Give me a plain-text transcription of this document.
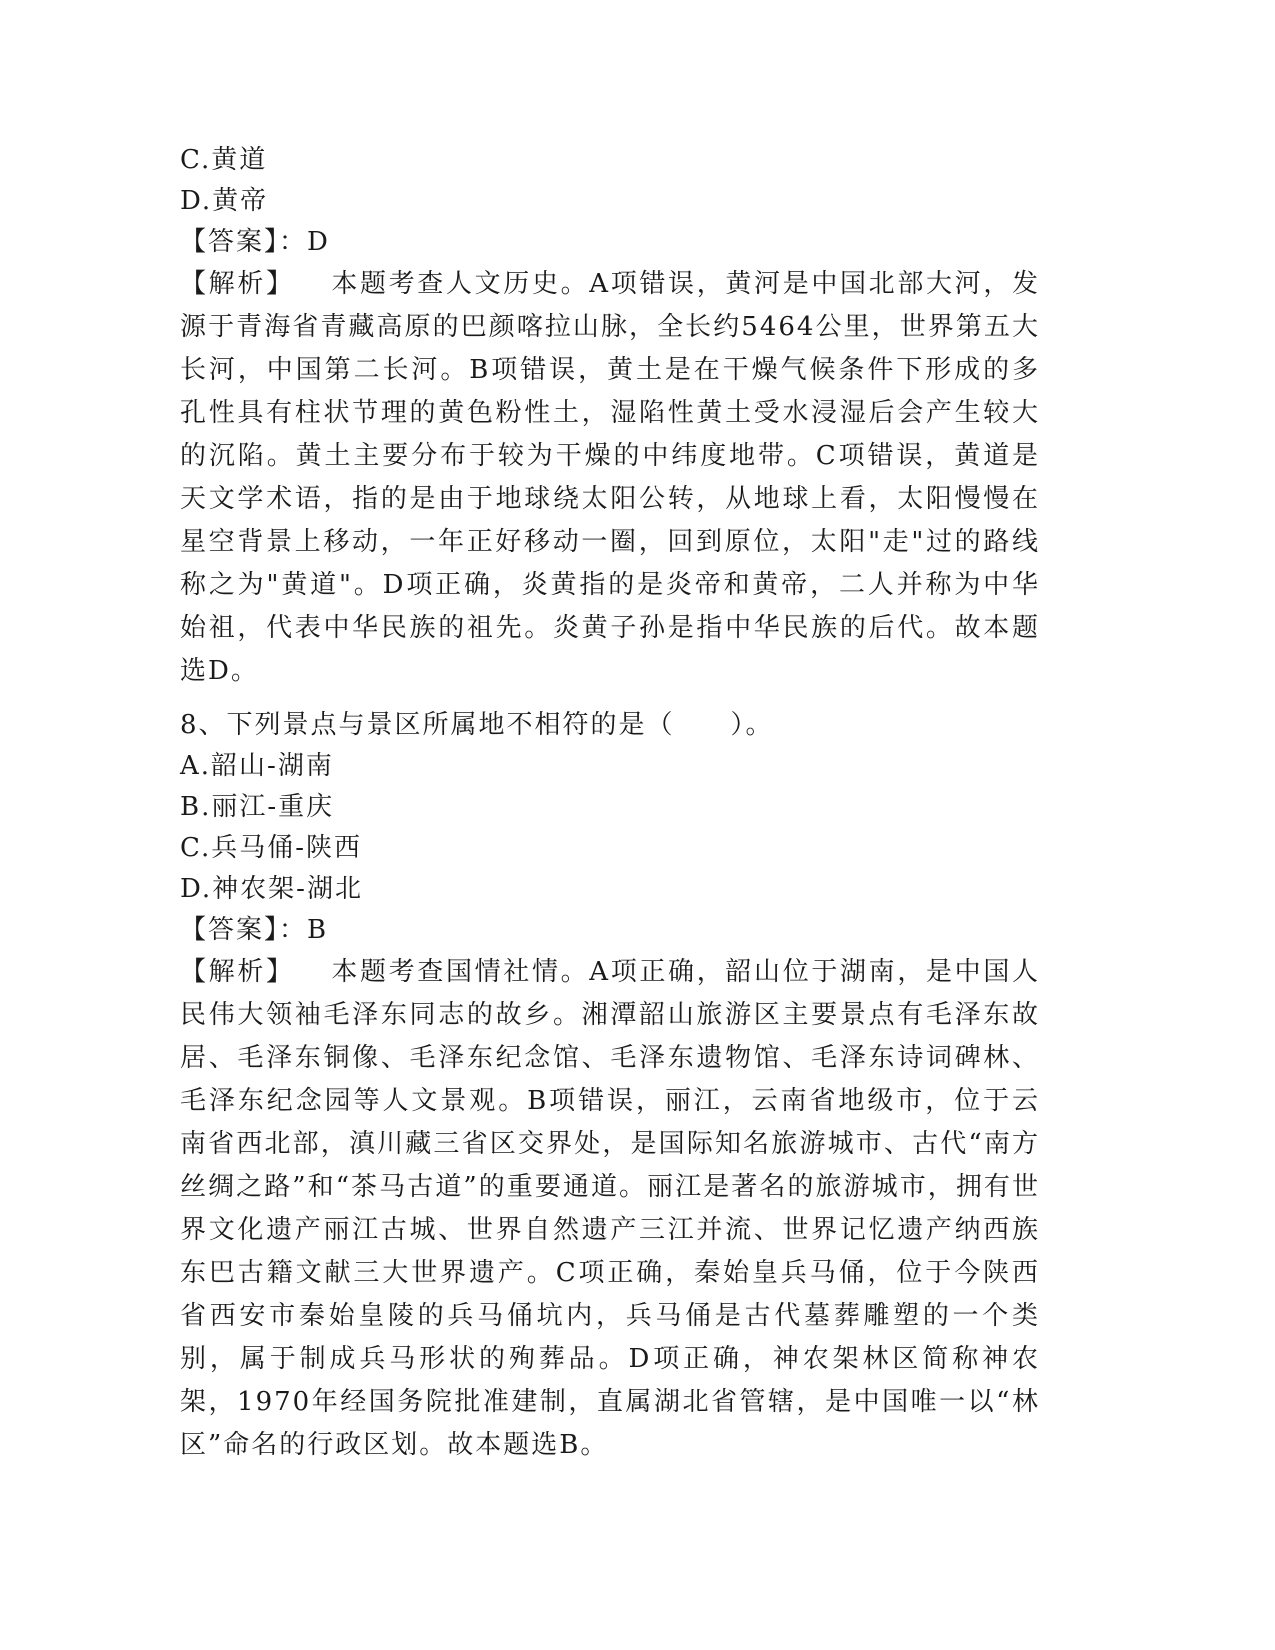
C.黄道
D.黄帝
【答案】：D

【解析】 本题考查人文历史。A项错误，黄河是中国北部大河，发源于青海省青藏高原的巴颜喀拉山脉，全长约5464公里，世界第五大长河，中国第二长河。B项错误，黄土是在干燥气候条件下形成的多孔性具有柱状节理的黄色粉性土，湿陷性黄土受水浸湿后会产生较大的沉陷。黄土主要分布于较为干燥的中纬度地带。C项错误，黄道是天文学术语，指的是由于地球绕太阳公转，从地球上看，太阳慢慢在星空背景上移动，一年正好移动一圈，回到原位，太阳"走"过的路线称之为"黄道"。D项正确，炎黄指的是炎帝和黄帝，二人并称为中华始祖，代表中华民族的祖先。炎黄子孙是指中华民族的后代。故本题选D。

8、下列景点与景区所属地不相符的是（　　）。
A.韶山-湖南
B.丽江-重庆
C.兵马俑-陕西
D.神农架-湖北
【答案】：B

【解析】 本题考查国情社情。A项正确，韶山位于湖南，是中国人民伟大领袖毛泽东同志的故乡。湘潭韶山旅游区主要景点有毛泽东故居、毛泽东铜像、毛泽东纪念馆、毛泽东遗物馆、毛泽东诗词碑林、毛泽东纪念园等人文景观。B项错误，丽江，云南省地级市，位于云南省西北部，滇川藏三省区交界处，是国际知名旅游城市、古代“南方丝绸之路”和“茶马古道”的重要通道。丽江是著名的旅游城市，拥有世界文化遗产丽江古城、世界自然遗产三江并流、世界记忆遗产纳西族东巴古籍文献三大世界遗产。C项正确，秦始皇兵马俑，位于今陕西省西安市秦始皇陵的兵马俑坑内，兵马俑是古代墓葬雕塑的一个类别，属于制成兵马形状的殉葬品。D项正确，神农架林区简称神农架，1970年经国务院批准建制，直属湖北省管辖，是中国唯一以“林区”命名的行政区划。故本题选B。
